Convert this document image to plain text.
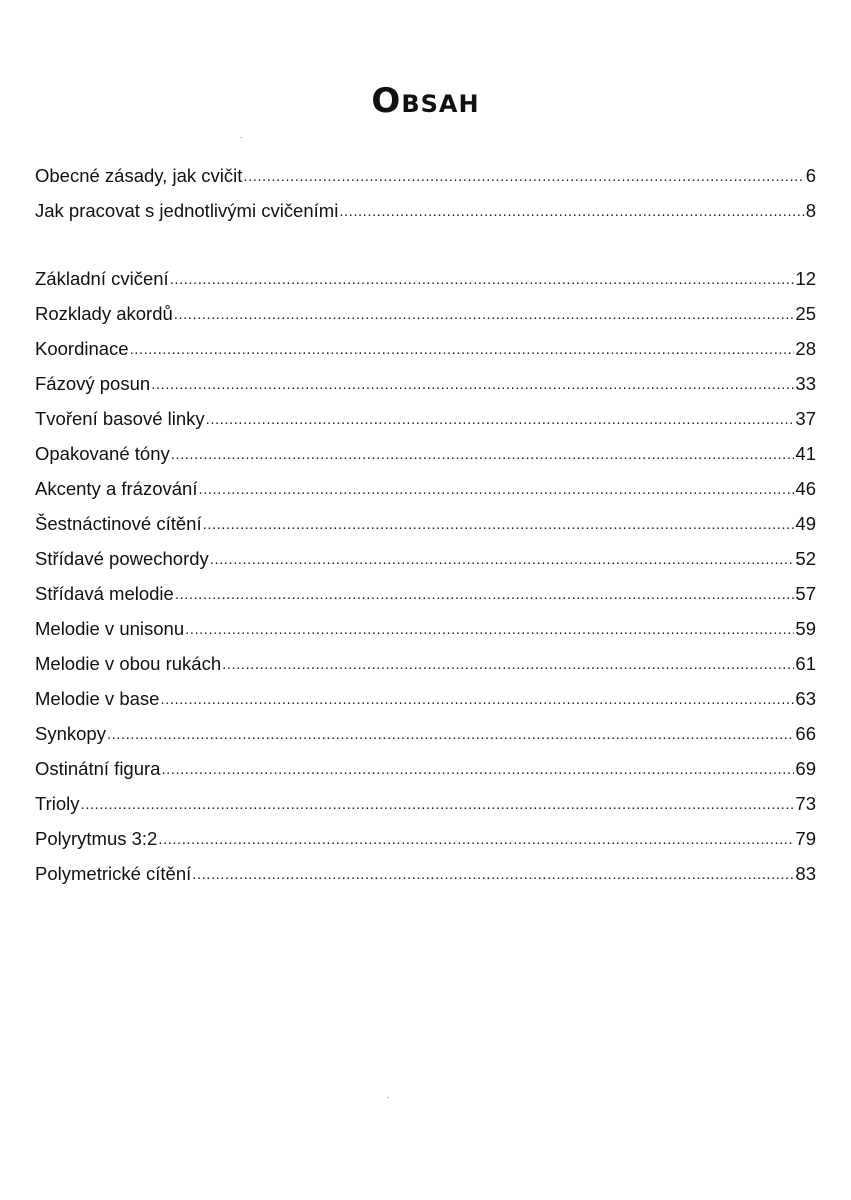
Obsah
Obecné zásady, jak cvičit .....	6
Jak pracovat s jednotlivými cvičeními .....	8
Základní cvičení .....	12
Rozklady akordů .....	25
Koordinace .....	28
Fázový posun .....	33
Tvoření basové linky .....	37
Opakované tóny .....	41
Akcenty a frázování .....	46
Šestnáctinové cítění .....	49
Střídavé powechordy .....	52
Střídavá melodie .....	57
Melodie v unisonu .....	59
Melodie v obou rukách .....	61
Melodie v base .....	63
Synkopy .....	66
Ostinátní figura .....	69
Trioly .....	73
Polyrytmus 3:2 .....	79
Polymetrické cítění .....	83
